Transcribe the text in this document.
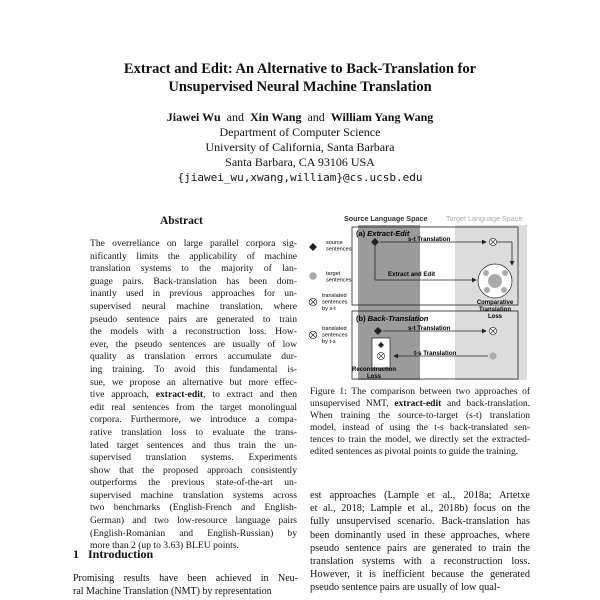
Extract and Edit: An Alternative to Back-Translation for
Unsupervised Neural Machine Translation
Jiawei Wu and Xin Wang and William Yang Wang
Department of Computer Science
University of California, Santa Barbara
Santa Barbara, CA 93106 USA
{jiawei_wu,xwang,william}@cs.ucsb.edu
Abstract
The overreliance on large parallel corpora sig-
nificantly limits the applicability of machine
translation systems to the majority of lan-
guage pairs. Back-translation has been dom-
inantly used in previous approaches for un-
supervised neural machine translation, where
pseudo sentence pairs are generated to train
the models with a reconstruction loss. How-
ever, the pseudo sentences are usually of low
quality as translation errors accumulate dur-
ing training. To avoid this fundamental is-
sue, we propose an alternative but more effec-
tive approach, extract-edit, to extract and then
edit real sentences from the target monolingual
corpora. Furthermore, we introduce a compa-
rative translation loss to evaluate the trans-
lated target sentences and thus train the un-
supervised translation systems. Experiments
show that the proposed approach consistently
outperforms the previous state-of-the-art un-
supervised machine translation systems across
two benchmarks (English-French and English-
German) and two low-resource language pairs
(English-Romanian and English-Russian) by
more than 2 (up to 3.63) BLEU points.
1 Introduction
Promising results have been achieved in Neu-
ral Machine Translation (NMT) by representation
Source Language Space	Target Language Space
(a) Extract-Edit
(b) Back-Translation
source sentences
target sentences
translated sentences by s-t
translated sentences by t-s
s-t Translation
Extract and Edit
Comparative Translation Loss
s-t Translation
t-s Translation
Reconstruction Loss
Figure 1: The comparison between two approaches of
unsupervised NMT, extract-edit and back-translation.
When training the source-to-target (s-t) translation
model, instead of using the t-s back-translated sen-
tences to train the model, we directly set the extracted-
edited sentences as pivotal points to guide the training.
est approaches (Lample et al., 2018a; Artetxe
et al., 2018; Lample et al., 2018b) focus on the
fully unsupervised scenario. Back-translation has
been dominantly used in these approaches, where
pseudo sentence pairs are generated to train the
translation systems with a reconstruction loss.
However, it is inefficient because the generated
pseudo sentence pairs are usually of low qual-
